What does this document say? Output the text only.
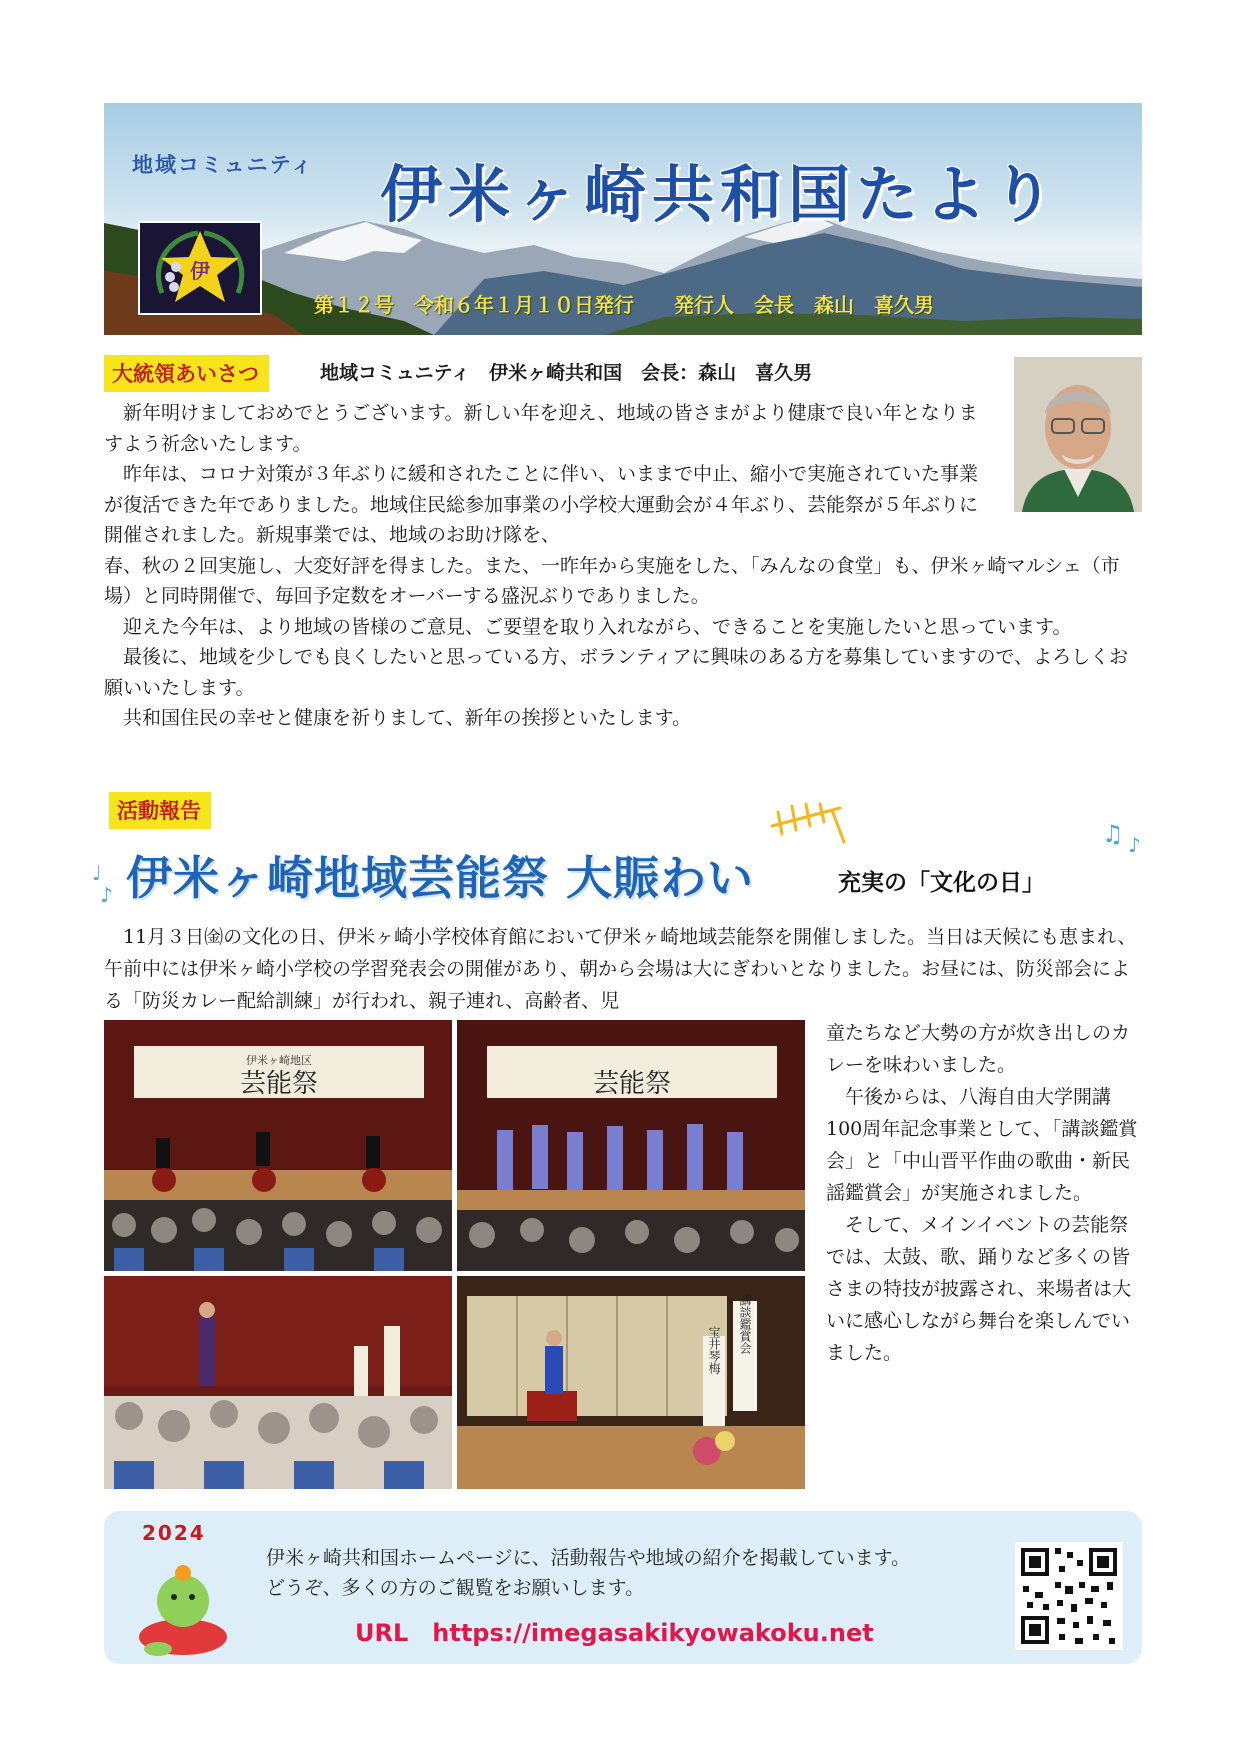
地域コミュニティ 伊米ヶ崎共和国たより
伊
第１２号　令和６年１月１０日発行　　発行人　会長　森山　喜久男
大統領あいさつ	地域コミュニティ　伊米ヶ崎共和国　会長：森山　喜久男

新年明けましておめでとうございます。新しい年を迎え、地域の皆さまがより健康で良い年となりますよう祈念いたします。

昨年は、コロナ対策が３年ぶりに緩和されたことに伴い、いままで中止、縮小で実施されていた事業が復活できた年でありました。地域住民総参加事業の小学校大運動会が４年ぶり、芸能祭が５年ぶりに開催されました。新規事業では、地域のお助け隊を、

春、秋の２回実施し、大変好評を得ました。また、一昨年から実施をした、「みんなの食堂」も、伊米ヶ崎マルシェ（市場）と同時開催で、毎回予定数をオーバーする盛況ぶりでありました。

迎えた今年は、より地域の皆様のご意見、ご要望を取り入れながら、できることを実施したいと思っています。

最後に、地域を少しでも良くしたいと思っている方、ボランティアに興味のある方を募集していますので、よろしくお願いいたします。

共和国住民の幸せと健康を祈りまして、新年の挨拶といたします。

活動報告
♩
♪
♫ ♪
伊米ヶ崎地域芸能祭 大賑わい	充実の「文化の日」

11月３日㈮の文化の日、伊米ヶ崎小学校体育館において伊米ヶ崎地域芸能祭を開催しました。当日は天候にも恵まれ、午前中には伊米ヶ崎小学校の学習発表会の開催があり、朝から会場は大にぎわいとなりました。お昼には、防災部会による「防災カレー配給訓練」が行われ、親子連れ、高齢者、児

伊米ヶ崎地区
芸能祭	芸能祭
講談鑑賞会
宝井琴梅

童たちなど大勢の方が炊き出しのカレーを味わいました。

午後からは、八海自由大学開講100周年記念事業として、「講談鑑賞会」と「中山晋平作曲の歌曲・新民謡鑑賞会」が実施されました。

そして、メインイベントの芸能祭では、太鼓、歌、踊りなど多くの皆さまの特技が披露され、来場者は大いに感心しながら舞台を楽しんでいました。

2024
伊米ヶ崎共和国ホームページに、活動報告や地域の紹介を掲載しています。
どうぞ、多くの方のご観覧をお願いします。
URL　https://imegasakikyowakoku.net
